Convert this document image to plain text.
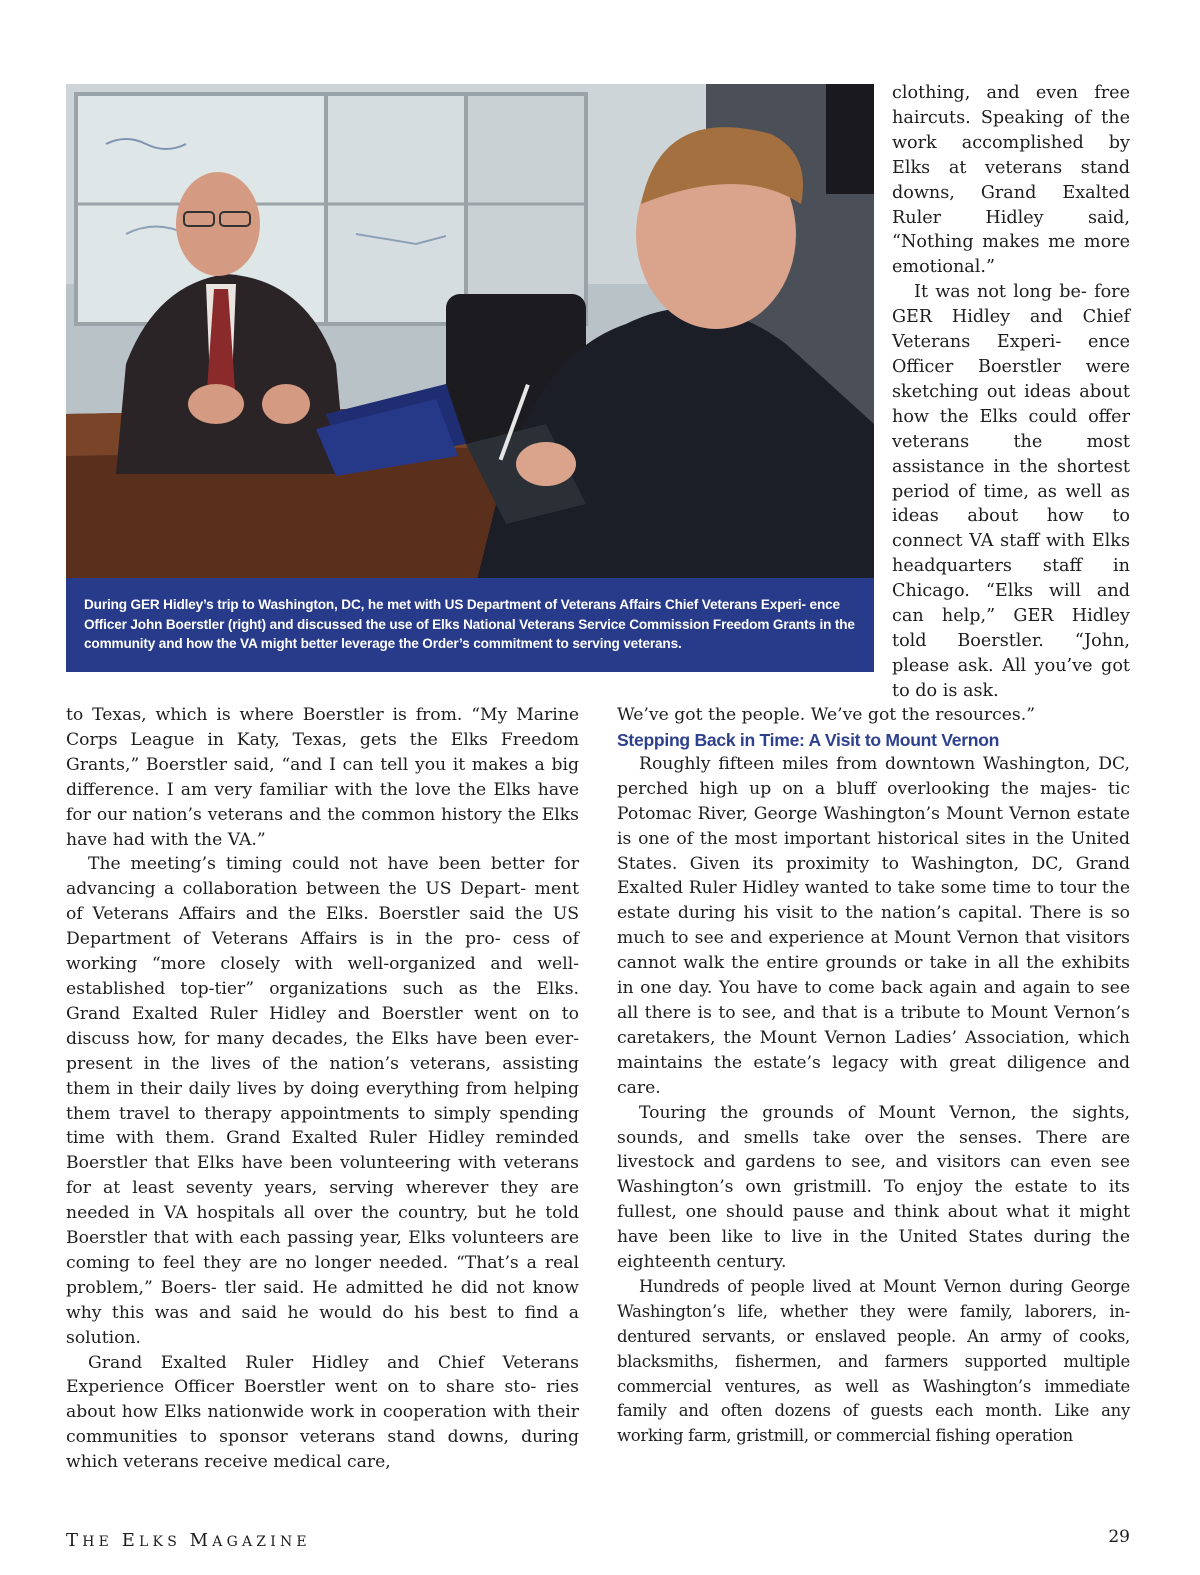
During GER Hidley’s trip to Washington, DC, he met with US Department of Veterans Affairs Chief Veterans Experi- ence Officer John Boerstler (right) and discussed the use of Elks National Veterans Service Commission Freedom Grants in the community and how the VA might better leverage the Order’s commitment to serving veterans.

clothing, and even free haircuts. Speaking of the work accomplished by Elks at veterans stand downs, Grand Exalted Ruler Hidley said, “Nothing makes me more emotional.”

It was not long be- fore GER Hidley and Chief Veterans Experi- ence Officer Boerstler were sketching out ideas about how the Elks could offer veterans the most assistance in the shortest period of time, as well as ideas about how to connect VA staff with Elks headquarters staff in Chicago. “Elks will and can help,” GER Hidley told Boerstler. “John, please ask. All you’ve got to do is ask.

to Texas, which is where Boerstler is from. “My Marine Corps League in Katy, Texas, gets the Elks Freedom Grants,” Boerstler said, “and I can tell you it makes a big difference. I am very familiar with the love the Elks have for our nation’s veterans and the common history the Elks have had with the VA.”

The meeting’s timing could not have been better for advancing a collaboration between the US Depart- ment of Veterans Affairs and the Elks. Boerstler said the US Department of Veterans Affairs is in the pro- cess of working “more closely with well-organized and well-established top-tier” organizations such as the Elks. Grand Exalted Ruler Hidley and Boerstler went on to discuss how, for many decades, the Elks have been ever-present in the lives of the nation’s veterans, assisting them in their daily lives by doing everything from helping them travel to therapy appointments to simply spending time with them. Grand Exalted Ruler Hidley reminded Boerstler that Elks have been volunteering with veterans for at least seventy years, serving wherever they are needed in VA hospitals all over the country, but he told Boerstler that with each passing year, Elks volunteers are coming to feel they are no longer needed. “That’s a real problem,” Boers- tler said. He admitted he did not know why this was and said he would do his best to find a solution.

Grand Exalted Ruler Hidley and Chief Veterans Experience Officer Boerstler went on to share sto- ries about how Elks nationwide work in cooperation with their communities to sponsor veterans stand downs, during which veterans receive medical care,

We’ve got the people. We’ve got the resources.”

Stepping Back in Time: A Visit to Mount Vernon

Roughly fifteen miles from downtown Washington, DC, perched high up on a bluff overlooking the majes- tic Potomac River, George Washington’s Mount Vernon estate is one of the most important historical sites in the United States. Given its proximity to Washington, DC, Grand Exalted Ruler Hidley wanted to take some time to tour the estate during his visit to the nation’s capital. There is so much to see and experience at Mount Vernon that visitors cannot walk the entire grounds or take in all the exhibits in one day. You have to come back again and again to see all there is to see, and that is a tribute to Mount Vernon’s caretakers, the Mount Vernon Ladies’ Association, which maintains the estate’s legacy with great diligence and care.

Touring the grounds of Mount Vernon, the sights, sounds, and smells take over the senses. There are livestock and gardens to see, and visitors can even see Washington’s own gristmill. To enjoy the estate to its fullest, one should pause and think about what it might have been like to live in the United States during the eighteenth century.

Hundreds of people lived at Mount Vernon during George Washington’s life, whether they were family, laborers, in- dentured servants, or enslaved people. An army of cooks, blacksmiths, fishermen, and farmers supported multiple commercial ventures, as well as Washington’s immediate family and often dozens of guests each month. Like any working farm, gristmill, or commercial fishing operation

THE ELKS MAGAZINE	29
